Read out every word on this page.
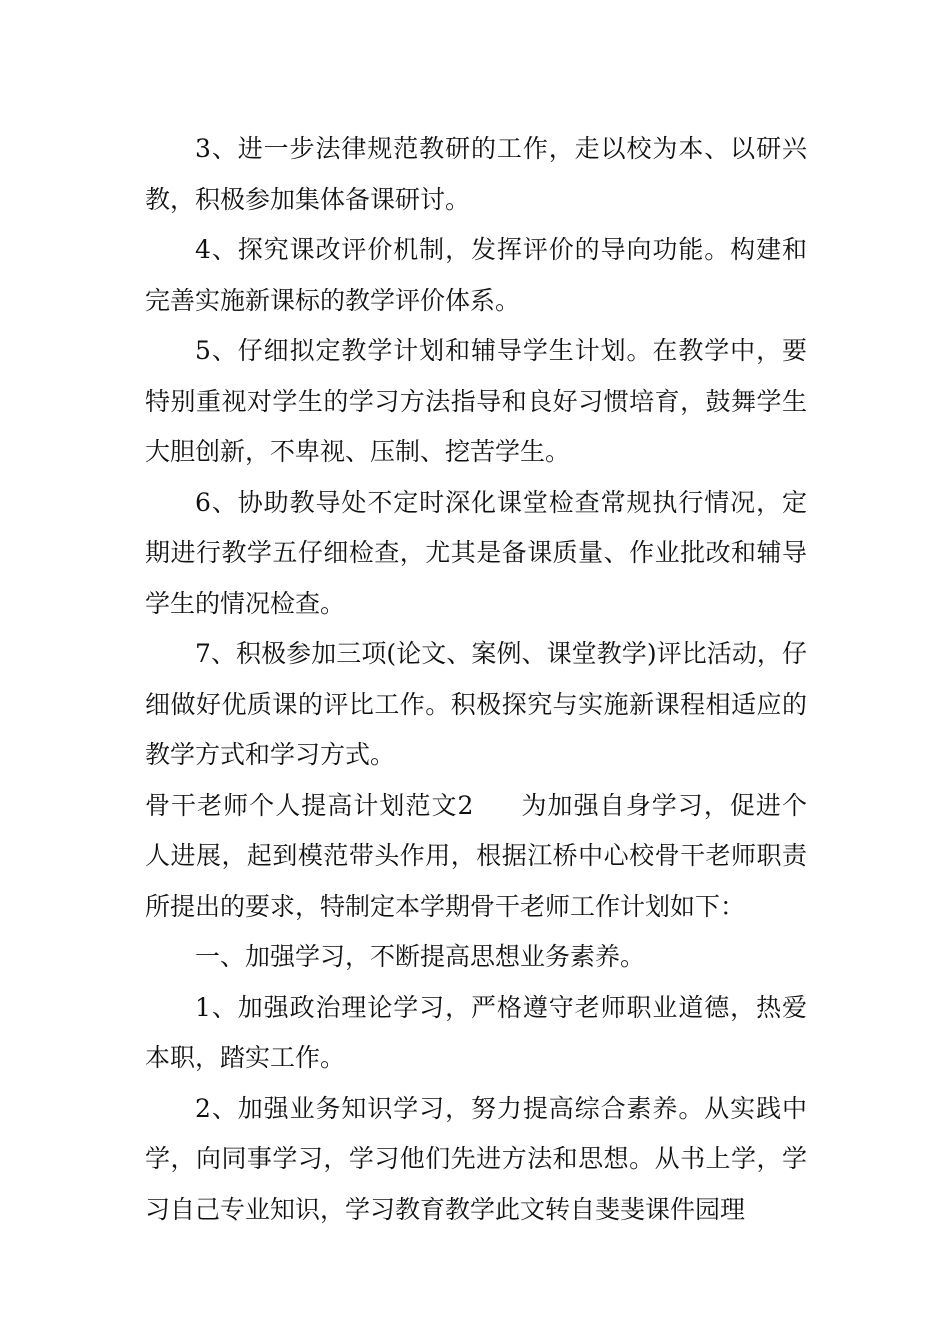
3、进一步法律规范教研的工作，走以校为本、以研兴教，积极参加集体备课研讨。

4、探究课改评价机制，发挥评价的导向功能。构建和完善实施新课标的教学评价体系。

5、仔细拟定教学计划和辅导学生计划。在教学中，要特别重视对学生的学习方法指导和良好习惯培育，鼓舞学生大胆创新，不卑视、压制、挖苦学生。

6、协助教导处不定时深化课堂检查常规执行情况，定期进行教学五仔细检查，尤其是备课质量、作业批改和辅导学生的情况检查。

7、积极参加三项(论文、案例、课堂教学)评比活动，仔细做好优质课的评比工作。积极探究与实施新课程相适应的教学方式和学习方式。

骨干老师个人提高计划范文2 为加强自身学习，促进个人进展，起到模范带头作用，根据江桥中心校骨干老师职责所提出的要求，特制定本学期骨干老师工作计划如下：

一、加强学习，不断提高思想业务素养。

1、加强政治理论学习，严格遵守老师职业道德，热爱本职，踏实工作。

2、加强业务知识学习，努力提高综合素养。从实践中学，向同事学习，学习他们先进方法和思想。从书上学，学习自己专业知识，学习教育教学此文转自斐斐课件园理
